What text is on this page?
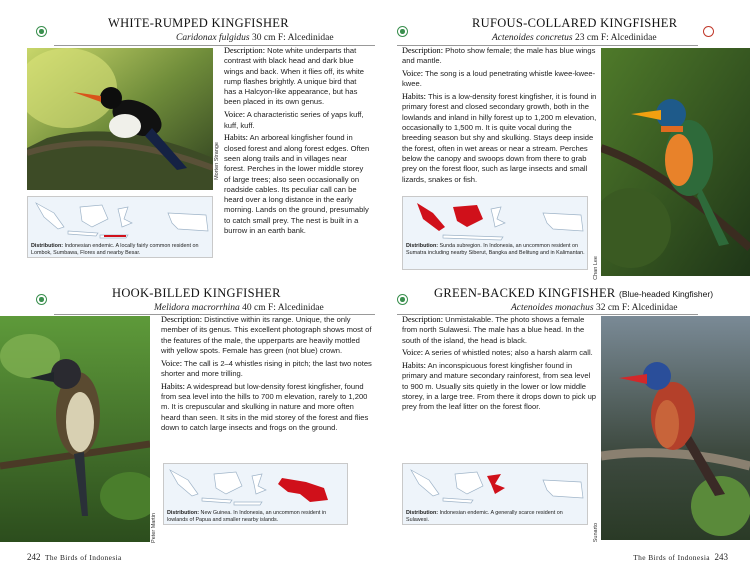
WHITE-RUMPED KINGFISHER
Caridonax fulgidus 30 cm F: Alcedinidae
Morten Strange

Description: Note white underparts that contrast with black head and dark blue wings and back. When it flies off, its white rump flashes brightly. A unique bird that has a Halcyon-like appearance, but has been placed in its own genus.

Voice: A characteristic series of yaps kuff, kuff, kuff.

Habits: An arboreal kingfisher found in closed forest and along forest edges. Often seen along trails and in villages near forest. Perches in the lower middle storey of large trees; also seen occasionally on roadside cables. Its peculiar call can be heard over a long distance in the early morning. Lands on the ground, presumably to catch small prey. The nest is built in a burrow in an earth bank.

Distribution: Indonesian endemic. A locally fairly common resident on Lombok, Sumbawa, Flores and nearby Besar.
HOOK-BILLED KINGFISHER
Melidora macrorrhina 40 cm F: Alcedinidae
Peter Martin

Description: Distinctive within its range. Unique, the only member of its genus. This excellent photograph shows most of the features of the male, the upperparts are heavily mottled with yellow spots. Female has green (not blue) crown.

Voice: The call is 2–4 whistles rising in pitch; the last two notes shorter and more trilling.

Habits: A widespread but low-density forest kingfisher, found from sea level into the hills to 700 m elevation, rarely to 1,200 m. It is crepuscular and skulking in nature and more often heard than seen. It sits in the mid storey of the forest and flies down to catch large insects and frogs on the ground.

Distribution: New Guinea. In Indonesia, an uncommon resident in lowlands of Papua and smaller nearby islands.
242 The Birds of Indonesia
RUFOUS-COLLARED KINGFISHER
Actenoides concretus 23 cm F: Alcedinidae

Description: Photo show female; the male has blue wings and mantle.

Voice: The song is a loud penetrating whistle kwee-kwee-kwee.

Habits: This is a low-density forest kingfisher, it is found in primary forest and closed secondary growth, both in the lowlands and inland in hilly forest up to 1,200 m elevation, occasionally to 1,500 m. It is quite vocal during the breeding season but shy and skulking. Stays deep inside the forest, often in wet areas or near a stream. Perches below the canopy and swoops down from there to grab prey on the forest floor, such as large insects and small lizards, snakes or fish.

Distribution: Sunda subregion. In Indonesia, an uncommon resident on Sumatra including nearby Siberut, Bangka and Belitung and in Kalimantan.
Chan Lee
GREEN-BACKED KINGFISHER (Blue-headed Kingfisher)
Actenoides monachus 32 cm F: Alcedinidae

Description: Unmistakable. The photo shows a female from north Sulawesi. The male has a blue head. In the south of the island, the head is black.

Voice: A series of whistled notes; also a harsh alarm call.

Habits: An inconspicuous forest kingfisher found in primary and mature secondary rainforest, from sea level to 900 m. Usually sits quietly in the lower or low middle storey, in a large tree. From there it drops down to pick up prey from the leaf litter on the forest floor.

Distribution: Indonesian endemic. A generally scarce resident on Sulawesi.
Sunarto
The Birds of Indonesia 243
